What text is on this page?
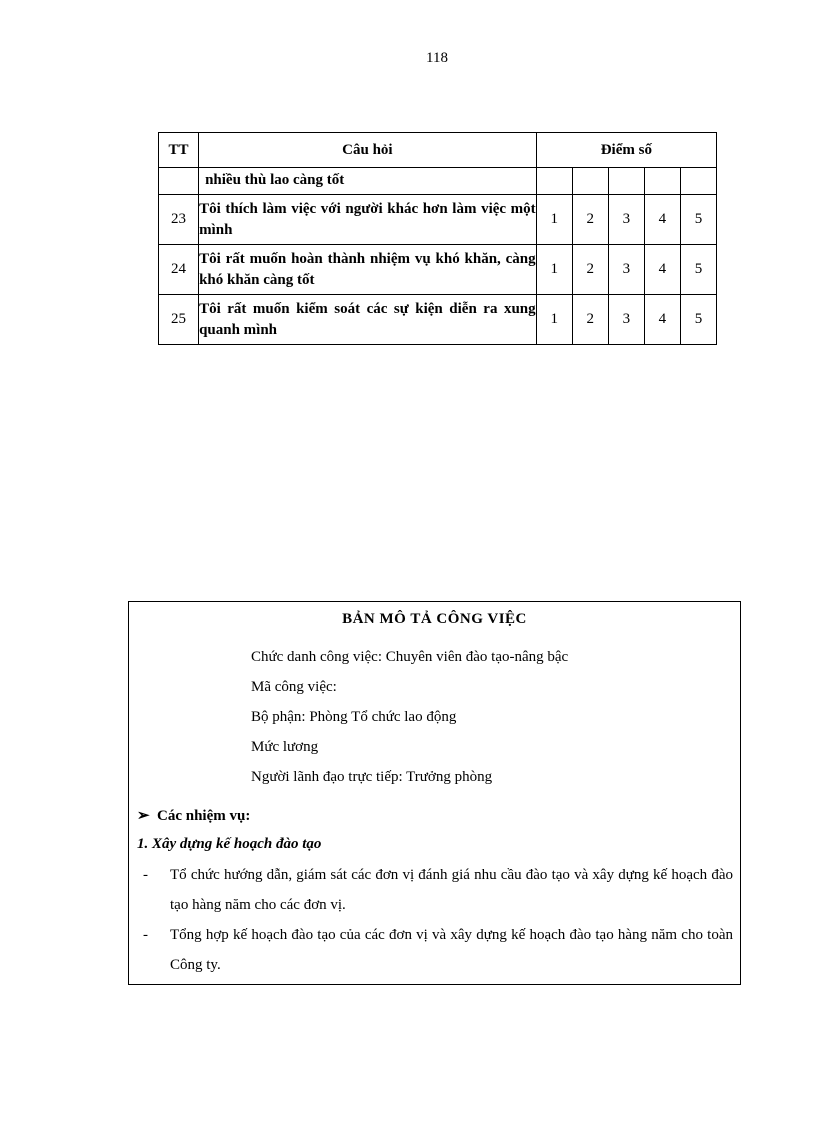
118
TT	Câu hỏi	Điểm số				
	nhiều thù lao càng tốt					
23	Tôi thích làm việc với người khác hơn làm việc một mình	1	2	3	4	5
24	Tôi rất muốn hoàn thành nhiệm vụ khó khăn, càng khó khăn càng tốt	1	2	3	4	5
25	Tôi rất muốn kiểm soát các sự kiện diễn ra xung quanh mình	1	2	3	4	5
BẢN MÔ TẢ CÔNG VIỆC
Chức danh công việc: Chuyên viên đào tạo-nâng bậc
Mã công việc:
Bộ phận: Phòng Tổ chức lao động
Mức lương
Người lãnh đạo trực tiếp: Trưởng phòng
➢ Các nhiệm vụ:
1. Xây dựng kế hoạch đào tạo
- Tổ chức hướng dẫn, giám sát các đơn vị đánh giá nhu cầu đào tạo và xây dựng kế hoạch đào tạo hàng năm cho các đơn vị.
- Tổng hợp kế hoạch đào tạo của các đơn vị và xây dựng kế hoạch đào tạo hàng năm cho toàn Công ty.
